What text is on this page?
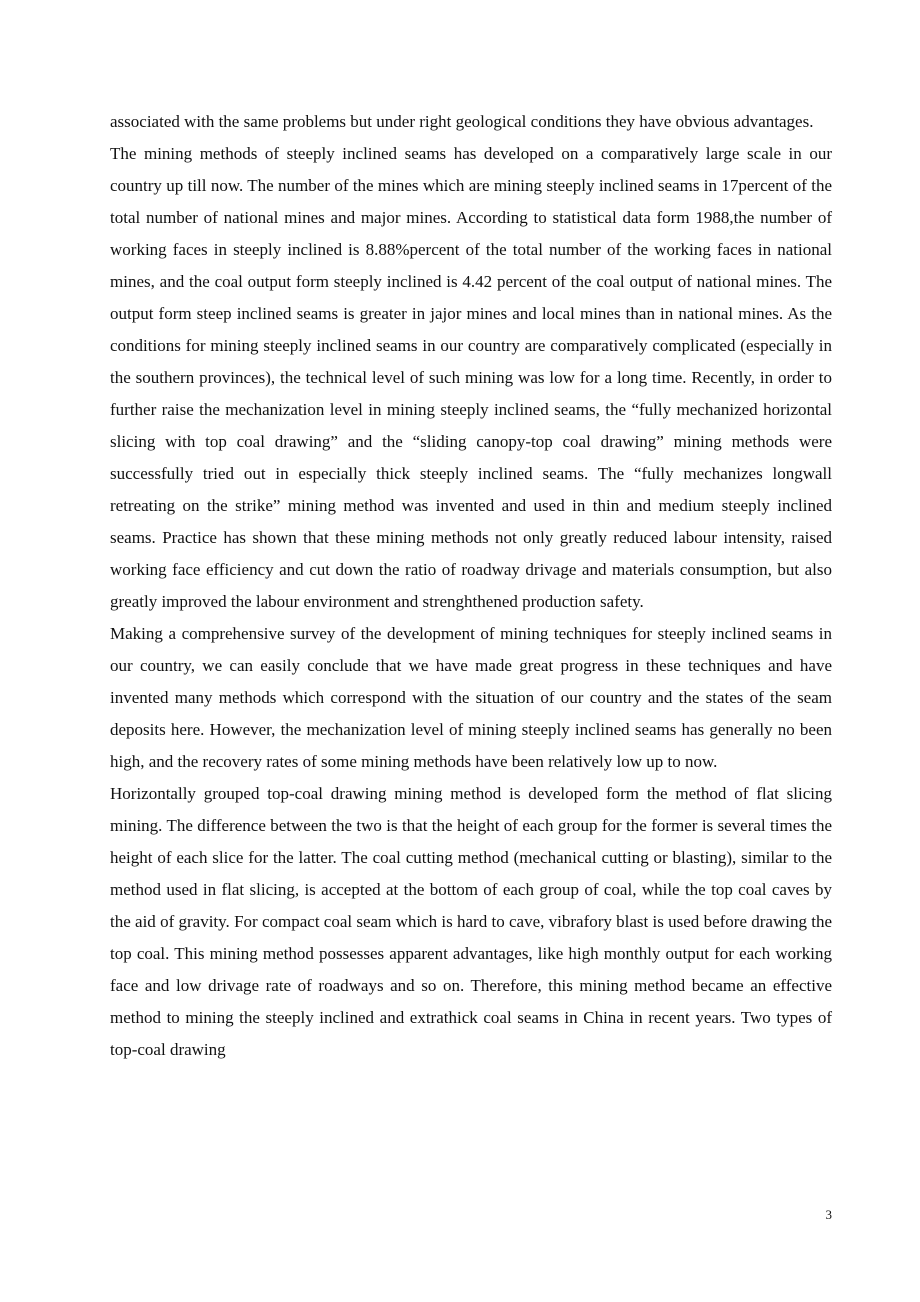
associated with the same problems but under right geological conditions they have obvious advantages.

The mining methods of steeply inclined seams has developed on a comparatively large scale in our country up till now. The number of the mines which are mining steeply inclined seams in 17percent of the total number of national mines and major mines. According to statistical data form 1988,the number of working faces in steeply inclined is 8.88%percent of the total number of the working faces in national mines, and the coal output form steeply inclined is 4.42 percent of the coal output of national mines. The output form steep inclined seams is greater in jajor mines and local mines than in national mines. As the conditions for mining steeply inclined seams in our country are comparatively complicated (especially in the southern provinces), the technical level of such mining was low for a long time. Recently, in order to further raise the mechanization level in mining steeply inclined seams, the “fully mechanized horizontal slicing with top coal drawing” and the “sliding canopy-top coal drawing” mining methods were successfully tried out in especially thick steeply inclined seams. The “fully mechanizes longwall retreating on the strike” mining method was invented and used in thin and medium steeply inclined seams. Practice has shown that these mining methods not only greatly reduced labour intensity, raised working face efficiency and cut down the ratio of roadway drivage and materials consumption, but also greatly improved the labour environment and strenghthened production safety.

Making a comprehensive survey of the development of mining techniques for steeply inclined seams in our country, we can easily conclude that we have made great progress in these techniques and have invented many methods which correspond with the situation of our country and the states of the seam deposits here. However, the mechanization level of mining steeply inclined seams has generally no been high, and the recovery rates of some mining methods have been relatively low up to now.

Horizontally grouped top-coal drawing mining method is developed form the method of flat slicing mining. The difference between the two is that the height of each group for the former is several times the height of each slice for the latter. The coal cutting method (mechanical cutting or blasting), similar to the method used in flat slicing, is accepted at the bottom of each group of coal, while the top coal caves by the aid of gravity. For compact coal seam which is hard to cave, vibrafory blast is used before drawing the top coal. This mining method possesses apparent advantages, like high monthly output for each working face and low drivage rate of roadways and so on. Therefore, this mining method became an effective method to mining the steeply inclined and extrathick coal seams in China in recent years. Two types of top-coal drawing

3
